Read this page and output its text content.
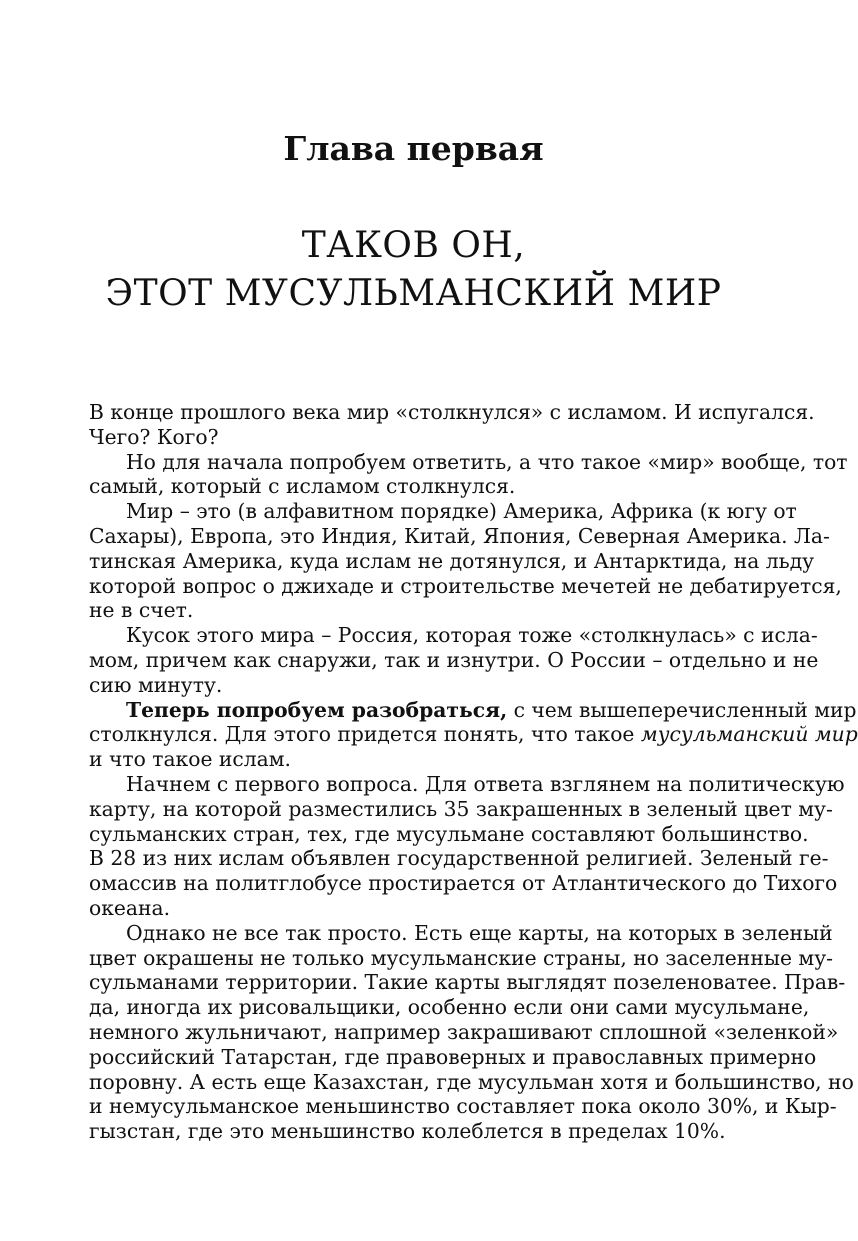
Глава первая
ТАКОВ ОН,
ЭТОТ МУСУЛЬМАНСКИЙ МИР
В конце прошлого века мир «столкнулся» с исламом. И испугался.
Чего? Кого?
Но для начала попробуем ответить, а что такое «мир» вообще, тот
самый, который с исламом столкнулся.
Мир – это (в алфавитном порядке) Америка, Африка (к югу от
Сахары), Европа, это Индия, Китай, Япония, Северная Америка. Ла-
тинская Америка, куда ислам не дотянулся, и Антарктида, на льду
которой вопрос о джихаде и строительстве мечетей не дебатируется,
не в счет.
Кусок этого мира – Россия, которая тоже «столкнулась» с исла-
мом, причем как снаружи, так и изнутри. О России – отдельно и не
сию минуту.
Теперь попробуем разобраться, с чем вышеперечисленный мир
столкнулся. Для этого придется понять, что такое мусульманский мир
и что такое ислам.
Начнем с первого вопроса. Для ответа взглянем на политическую
карту, на которой разместились 35 закрашенных в зеленый цвет му-
сульманских стран, тех, где мусульмане составляют большинство.
В 28 из них ислам объявлен государственной религией. Зеленый ге-
омассив на политглобусе простирается от Атлантического до Тихого
океана.
Однако не все так просто. Есть еще карты, на которых в зеленый
цвет окрашены не только мусульманские страны, но заселенные му-
сульманами территории. Такие карты выглядят позеленоватее. Прав-
да, иногда их рисовальщики, особенно если они сами мусульмане,
немного жульничают, например закрашивают сплошной «зеленкой»
российский Татарстан, где правоверных и православных примерно
поровну. А есть еще Казахстан, где мусульман хотя и большинство, но
и немусульманское меньшинство составляет пока около 30%, и Кыр-
гызстан, где это меньшинство колеблется в пределах 10%.
